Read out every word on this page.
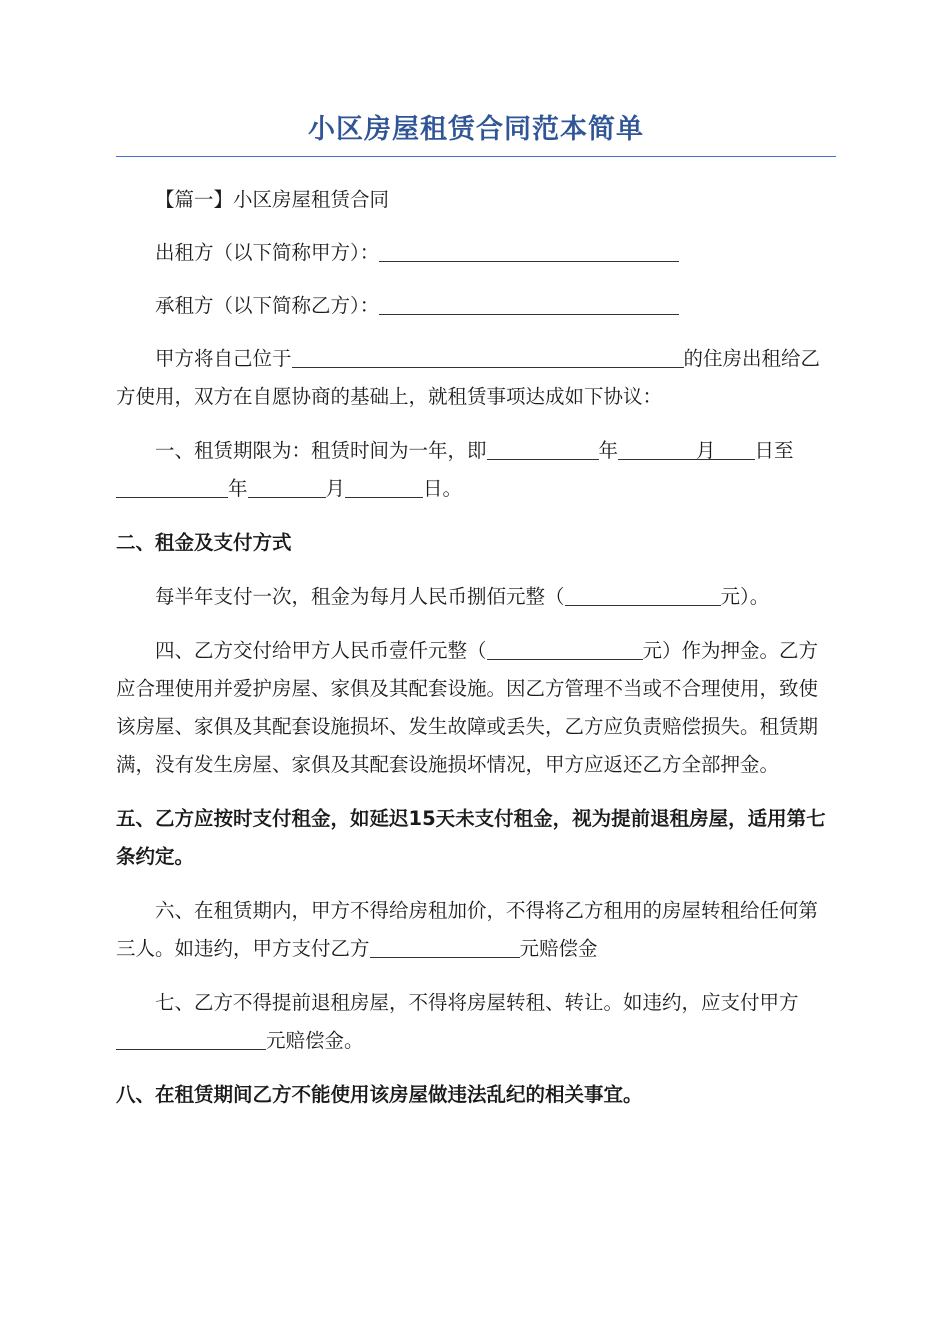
小区房屋租赁合同范本简单

【篇一】小区房屋租赁合同

出租方（以下简称甲方）：

承租方（以下简称乙方）：

甲方将自己位于	的住房出租给乙方使用，双方在自愿协商的基础上，就租赁事项达成如下协议：

一、租赁期限为：租赁时间为一年，即	年	月 日至年	月	日。

二、租金及支付方式

每半年支付一次，租金为每月人民币捌佰元整（	元）。

四、乙方交付给甲方人民币壹仟元整（	元）作为押金。乙方应合理使用并爱护房屋、家俱及其配套设施。因乙方管理不当或不合理使用，致使该房屋、家俱及其配套设施损坏、发生故障或丢失，乙方应负责赔偿损失。租赁期满，没有发生房屋、家俱及其配套设施损坏情况，甲方应返还乙方全部押金。

五、乙方应按时支付租金，如延迟15天未支付租金，视为提前退租房屋，适用第七条约定。

六、在租赁期内，甲方不得给房租加价，不得将乙方租用的房屋转租给任何第三人。如违约，甲方支付乙方	元赔偿金

七、乙方不得提前退租房屋，不得将房屋转租、转让。如违约，应支付甲方元赔偿金。

八、在租赁期间乙方不能使用该房屋做违法乱纪的相关事宜。
